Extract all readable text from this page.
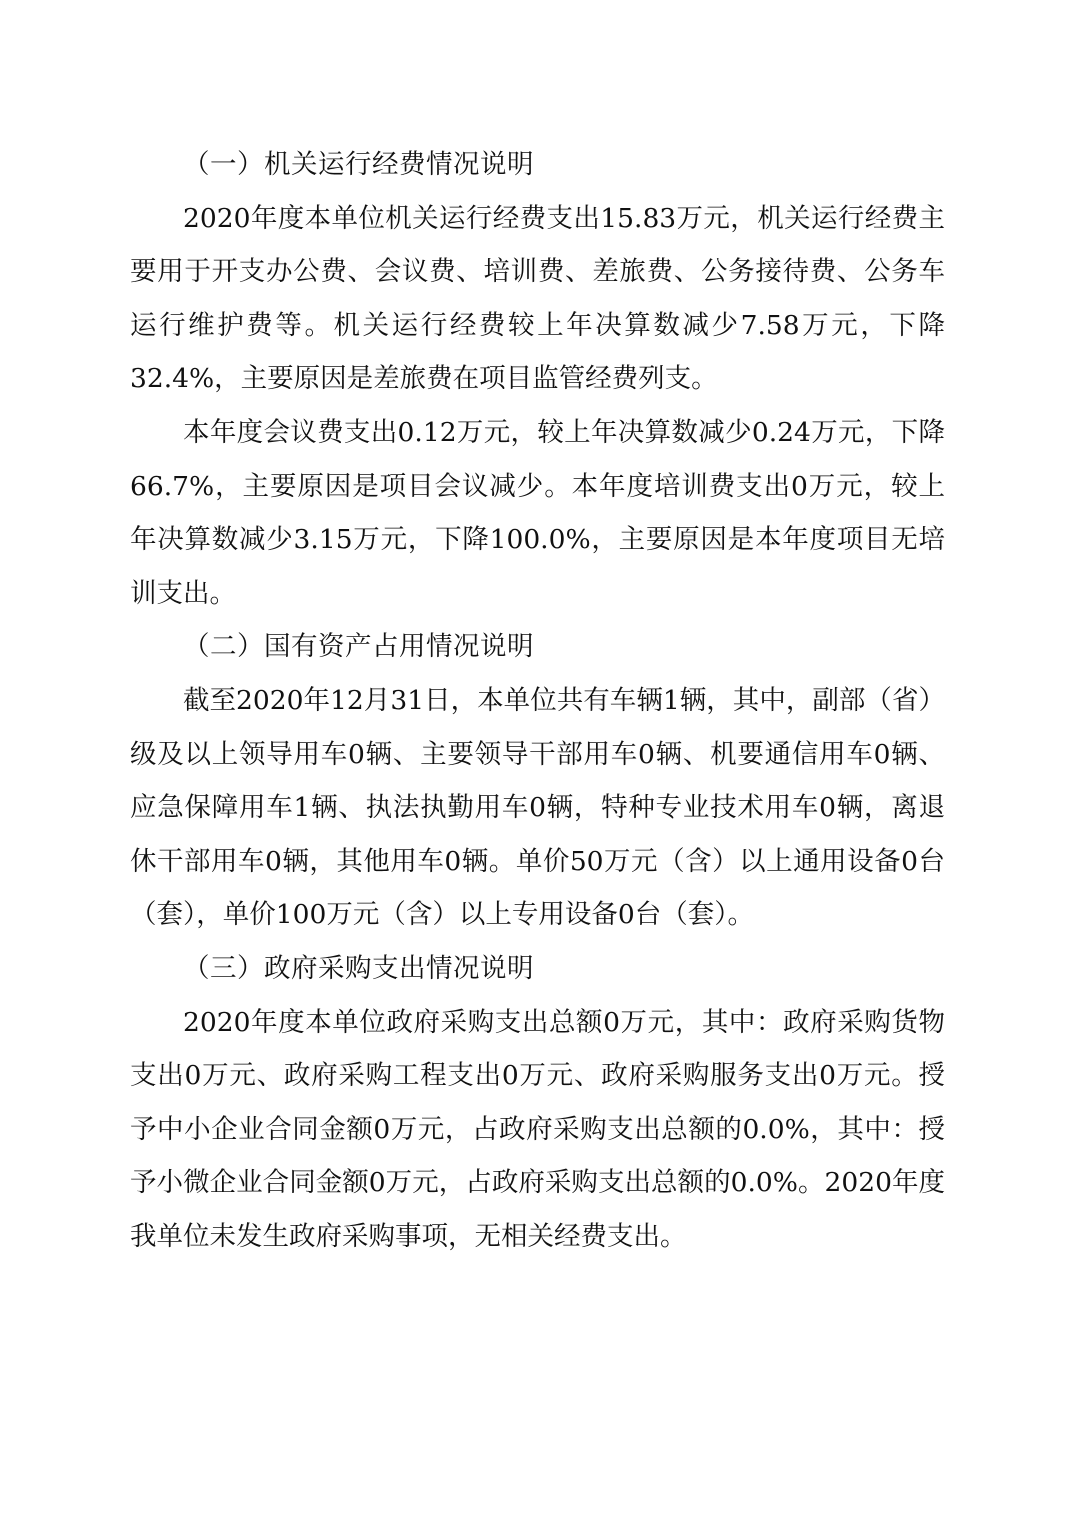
（一）机关运行经费情况说明

2020年度本单位机关运行经费支出15.83万元，机关运行经费主要用于开支办公费、会议费、培训费、差旅费、公务接待费、公务车运行维护费等。机关运行经费较上年决算数减少7.58万元，下降32.4%，主要原因是差旅费在项目监管经费列支。

本年度会议费支出0.12万元，较上年决算数减少0.24万元，下降66.7%，主要原因是项目会议减少。本年度培训费支出0万元，较上年决算数减少3.15万元，下降100.0%，主要原因是本年度项目无培训支出。

（二）国有资产占用情况说明

截至2020年12月31日，本单位共有车辆1辆，其中，副部（省）级及以上领导用车0辆、主要领导干部用车0辆、机要通信用车0辆、应急保障用车1辆、执法执勤用车0辆，特种专业技术用车0辆，离退休干部用车0辆，其他用车0辆。单价50万元（含）以上通用设备0台（套），单价100万元（含）以上专用设备0台（套）。

（三）政府采购支出情况说明

2020年度本单位政府采购支出总额0万元，其中：政府采购货物支出0万元、政府采购工程支出0万元、政府采购服务支出0万元。授予中小企业合同金额0万元，占政府采购支出总额的0.0%，其中：授予小微企业合同金额0万元，占政府采购支出总额的0.0%。2020年度我单位未发生政府采购事项，无相关经费支出。
